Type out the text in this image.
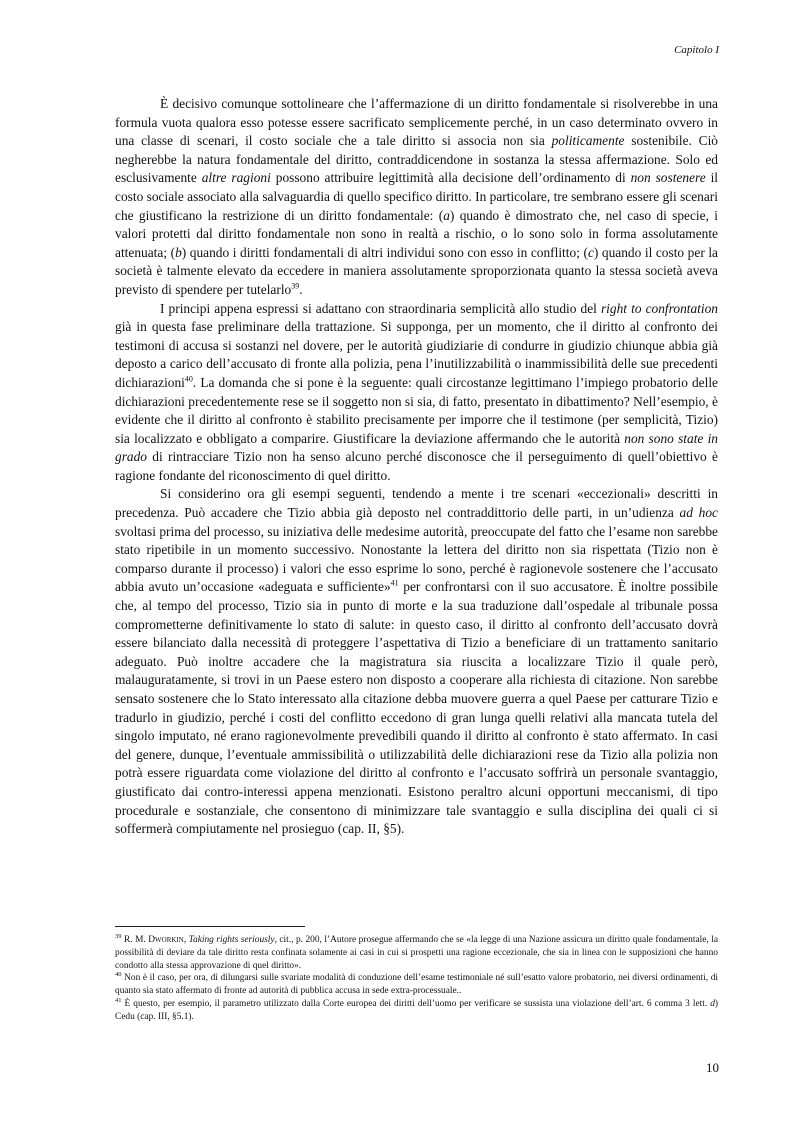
Capitolo I

È decisivo comunque sottolineare che l’affermazione di un diritto fondamentale si risolverebbe in una formula vuota qualora esso potesse essere sacrificato semplicemente perché, in un caso determinato ovvero in una classe di scenari, il costo sociale che a tale diritto si associa non sia politicamente sostenibile. Ciò negherebbe la natura fondamentale del diritto, contraddicendone in sostanza la stessa affermazione. Solo ed esclusivamente altre ragioni possono attribuire legittimità alla decisione dell’ordinamento di non sostenere il costo sociale associato alla salvaguardia di quello specifico diritto. In particolare, tre sembrano essere gli scenari che giustificano la restrizione di un diritto fondamentale: (a) quando è dimostrato che, nel caso di specie, i valori protetti dal diritto fondamentale non sono in realtà a rischio, o lo sono solo in forma assolutamente attenuata; (b) quando i diritti fondamentali di altri individui sono con esso in conflitto; (c) quando il costo per la società è talmente elevato da eccedere in maniera assolutamente sproporzionata quanto la stessa società aveva previsto di spendere per tutelarlo$^{39}$.

I principi appena espressi si adattano con straordinaria semplicità allo studio del right to confrontation già in questa fase preliminare della trattazione. Si supponga, per un momento, che il diritto al confronto dei testimoni di accusa si sostanzi nel dovere, per le autorità giudiziarie di condurre in giudizio chiunque abbia già deposto a carico dell’accusato di fronte alla polizia, pena l’inutilizzabilità o inammissibilità delle sue precedenti dichiarazioni$^{40}$. La domanda che si pone è la seguente: quali circostanze legittimano l’impiego probatorio delle dichiarazioni precedentemente rese se il soggetto non si sia, di fatto, presentato in dibattimento? Nell’esempio, è evidente che il diritto al confronto è stabilito precisamente per imporre che il testimone (per semplicità, Tizio) sia localizzato e obbligato a comparire. Giustificare la deviazione affermando che le autorità non sono state in grado di rintracciare Tizio non ha senso alcuno perché disconosce che il perseguimento di quell’obiettivo è ragione fondante del riconoscimento di quel diritto.

Si considerino ora gli esempi seguenti, tendendo a mente i tre scenari «eccezionali» descritti in precedenza. Può accadere che Tizio abbia già deposto nel contraddittorio delle parti, in un’udienza ad hoc svoltasi prima del processo, su iniziativa delle medesime autorità, preoccupate del fatto che l’esame non sarebbe stato ripetibile in un momento successivo. Nonostante la lettera del diritto non sia rispettata (Tizio non è comparso durante il processo) i valori che esso esprime lo sono, perché è ragionevole sostenere che l’accusato abbia avuto un’occasione «adeguata e sufficiente»$^{41}$ per confrontarsi con il suo accusatore. È inoltre possibile che, al tempo del processo, Tizio sia in punto di morte e la sua traduzione dall’ospedale al tribunale possa comprometterne definitivamente lo stato di salute: in questo caso, il diritto al confronto dell’accusato dovrà essere bilanciato dalla necessità di proteggere l’aspettativa di Tizio a beneficiare di un trattamento sanitario adeguato. Può inoltre accadere che la magistratura sia riuscita a localizzare Tizio il quale però, malauguratamente, si trovi in un Paese estero non disposto a cooperare alla richiesta di citazione. Non sarebbe sensato sostenere che lo Stato interessato alla citazione debba muovere guerra a quel Paese per catturare Tizio e tradurlo in giudizio, perché i costi del conflitto eccedono di gran lunga quelli relativi alla mancata tutela del singolo imputato, né erano ragionevolmente prevedibili quando il diritto al confronto è stato affermato. In casi del genere, dunque, l’eventuale ammissibilità o utilizzabilità delle dichiarazioni rese da Tizio alla polizia non potrà essere riguardata come violazione del diritto al confronto e l’accusato soffrirà un personale svantaggio, giustificato dai contro-interessi appena menzionati. Esistono peraltro alcuni opportuni meccanismi, di tipo procedurale e sostanziale, che consentono di minimizzare tale svantaggio e sulla disciplina dei quali ci si soffermerà compiutamente nel prosieguo (cap. II, §5).

$^{39}$ R. M. Dworkin, Taking rights seriously, cit., p. 200, l’Autore prosegue affermando che se «la legge di una Nazione assicura un diritto quale fondamentale, la possibilità di deviare da tale diritto resta confinata solamente ai casi in cui si prospetti una ragione eccezionale, che sia in linea con le supposizioni che hanno condotto alla stessa approvazione di quel diritto».

$^{40}$ Non è il caso, per ora, di dilungarsi sulle svariate modalità di conduzione dell’esame testimoniale né sull’esatto valore probatorio, nei diversi ordinamenti, di quanto sia stato affermato di fronte ad autorità di pubblica accusa in sede extra-processuale..

$^{41}$ È questo, per esempio, il parametro utilizzato dalla Corte europea dei diritti dell’uomo per verificare se sussista una violazione dell’art. 6 comma 3 lett. d) Cedu (cap. III, §5.1).

10
